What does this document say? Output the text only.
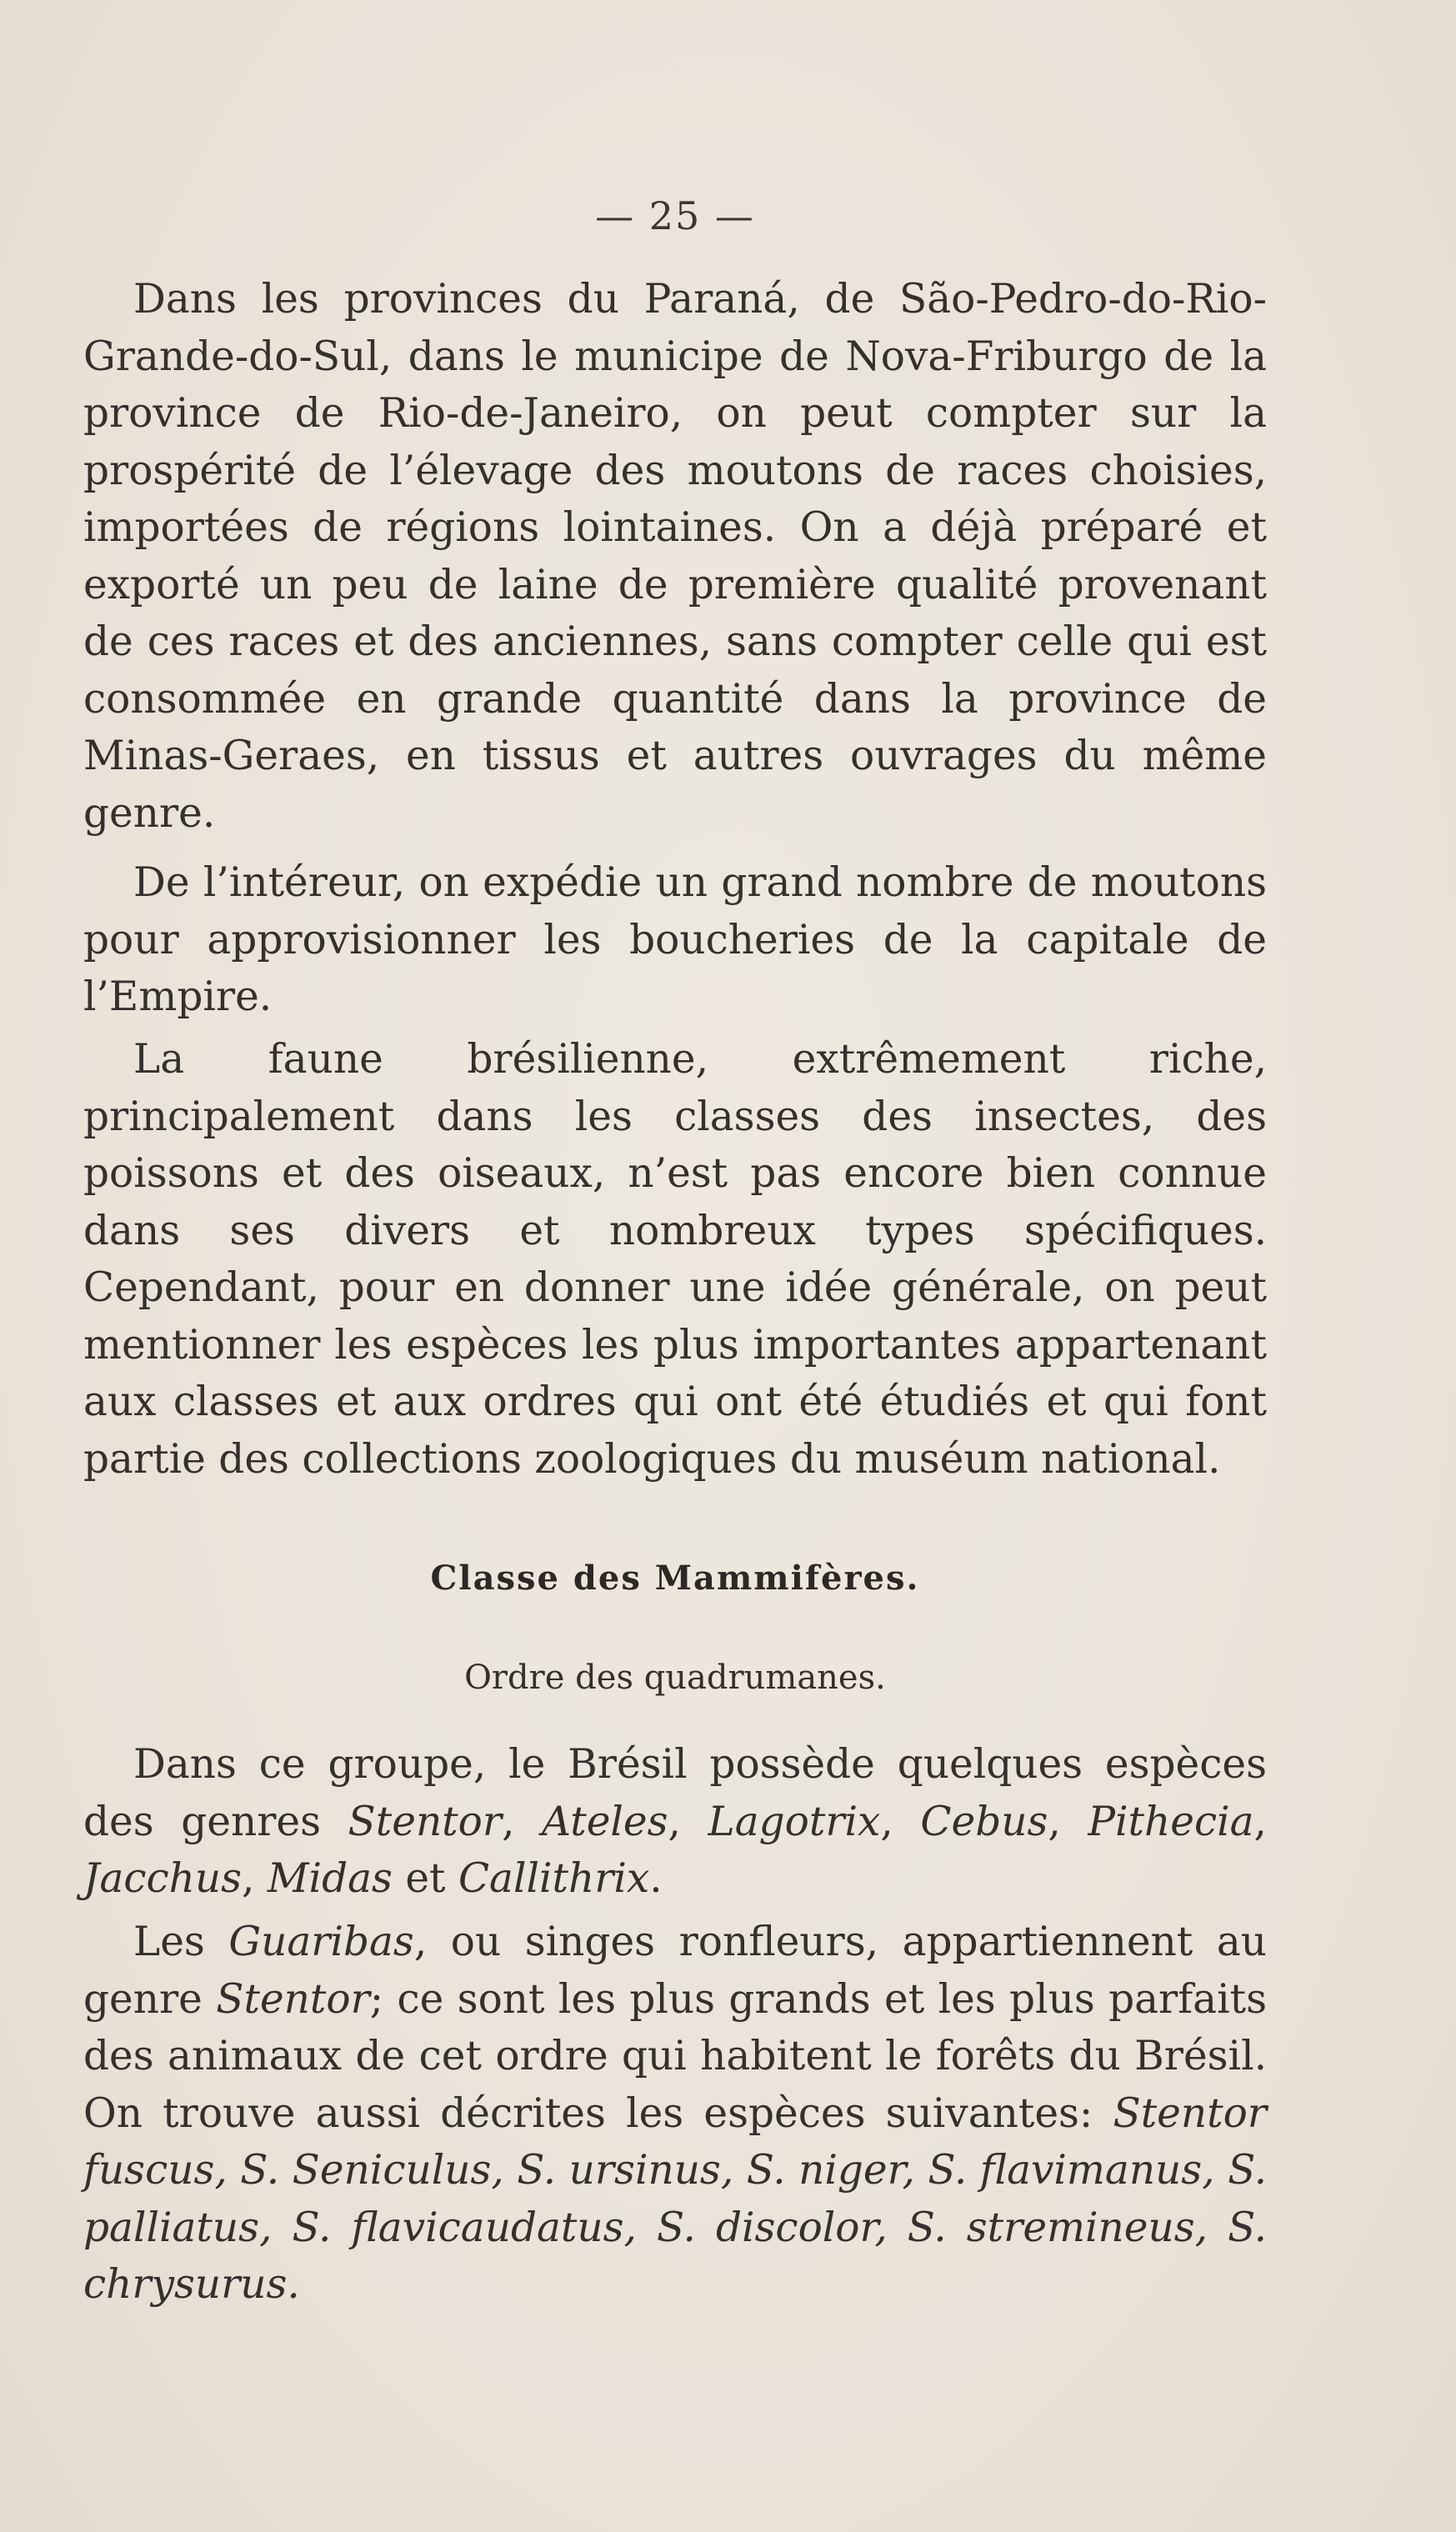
— 25 —
Dans les provinces du Paraná, de São-Pedro-do-Rio-Grande-do-Sul, dans le municipe de Nova-Friburgo de la province de Rio-de-Janeiro, on peut compter sur la prospérité de l’élevage des moutons de races choisies, importées de régions lointaines. On a déjà préparé et exporté un peu de laine de première qualité provenant de ces races et des anciennes, sans compter celle qui est consommée en grande quantité dans la province de Minas-Geraes, en tissus et autres ouvrages du même genre.
De l’intéreur, on expédie un grand nombre de moutons pour approvisionner les boucheries de la capitale de l’Empire.
La faune brésilienne, extrêmement riche, principalement dans les classes des insectes, des poissons et des oiseaux, n’est pas encore bien connue dans ses divers et nombreux types spécifiques. Cependant, pour en donner une idée générale, on peut mentionner les espèces les plus importantes appartenant aux classes et aux ordres qui ont été étudiés et qui font partie des collections zoologiques du muséum national.
Classe des Mammifères.
Ordre des quadrumanes.
Dans ce groupe, le Brésil possède quelques espèces des genres Stentor, Ateles, Lagotrix, Cebus, Pithecia, Jacchus, Midas et Callithrix.
Les Guaribas, ou singes ronfleurs, appartiennent au genre Stentor; ce sont les plus grands et les plus parfaits des animaux de cet ordre qui habitent le forêts du Brésil. On trouve aussi décrites les espèces suivantes: Stentor fuscus, S. Seniculus, S. ursinus, S. niger, S. flavimanus, S. palliatus, S. flavicaudatus, S. discolor, S. stremineus, S. chrysurus.
